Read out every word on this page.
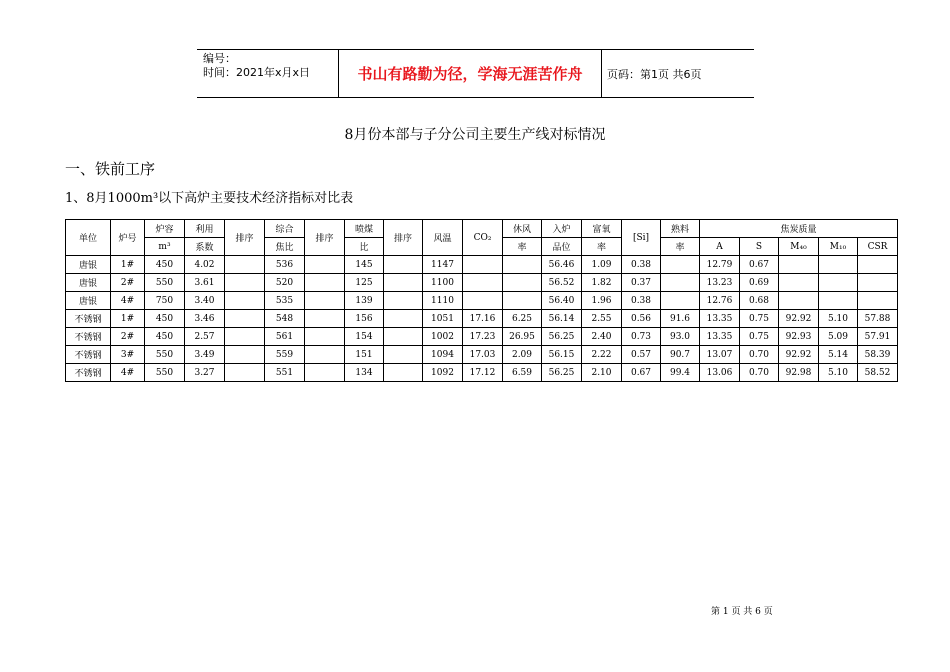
编号：
时间：2021年x月x日	书山有路勤为径，学海无涯苦作舟	页码：第1页 共6页
8月份本部与子分公司主要生产线对标情况
一、铁前工序
1、8月1000m³以下高炉主要技术经济指标对比表
单位	炉号	炉容	利用	排序	综合	排序	喷煤	排序	风温	CO₂	休风	入炉	富氧	[Si]	熟料	焦炭质量				
		m³	系数		焦比		比				率	品位	率		率	A	S	M₄₀	M₁₀	CSR
唐银	1#	450	4.02		536		145		1147			56.46	1.09	0.38		12.79	0.67			
唐银	2#	550	3.61		520		125		1100			56.52	1.82	0.37		13.23	0.69			
唐银	4#	750	3.40		535		139		1110			56.40	1.96	0.38		12.76	0.68			
不锈钢	1#	450	3.46		548		156		1051	17.16	6.25	56.14	2.55	0.56	91.6	13.35	0.75	92.92	5.10	57.88
不锈钢	2#	450	2.57		561		154		1002	17.23	26.95	56.25	2.40	0.73	93.0	13.35	0.75	92.93	5.09	57.91
不锈钢	3#	550	3.49		559		151		1094	17.03	2.09	56.15	2.22	0.57	90.7	13.07	0.70	92.92	5.14	58.39
不锈钢	4#	550	3.27		551		134		1092	17.12	6.59	56.25	2.10	0.67	99.4	13.06	0.70	92.98	5.10	58.52
第 1 页 共 6 页
